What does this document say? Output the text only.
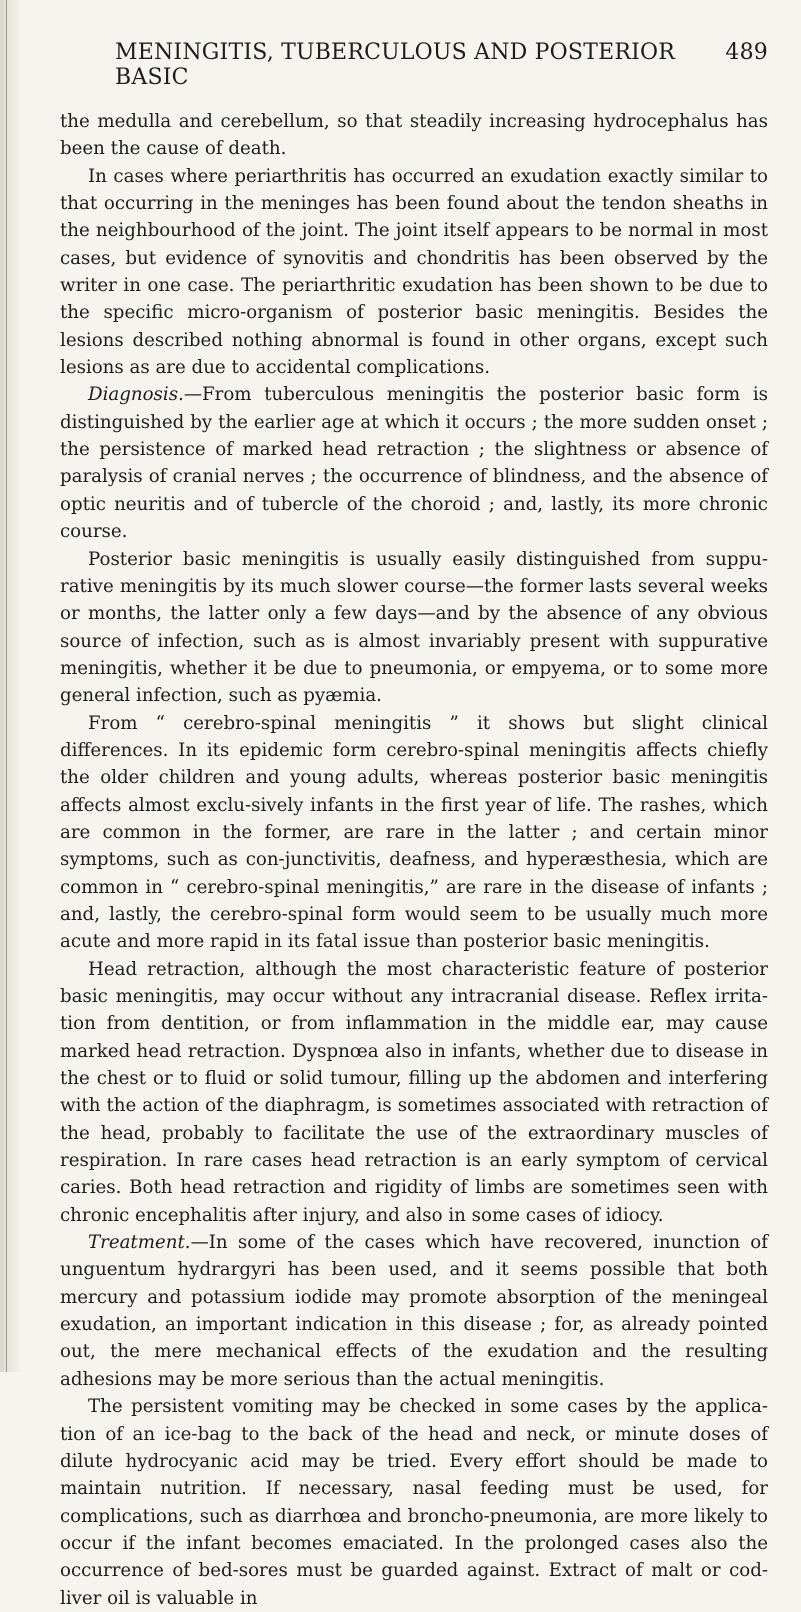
MENINGITIS, TUBERCULOUS AND POSTERIOR BASIC
489

the medulla and cerebellum, so that steadily increasing hydrocephalus has been the cause of death.

In cases where periarthritis has occurred an exudation exactly similar to that occurring in the meninges has been found about the tendon sheaths in the neighbourhood of the joint. The joint itself appears to be normal in most cases, but evidence of synovitis and chondritis has been observed by the writer in one case. The periarthritic exudation has been shown to be due to the specific micro-organism of posterior basic meningitis. Besides the lesions described nothing abnormal is found in other organs, except such lesions as are due to accidental complications.

Diagnosis.—From tuberculous meningitis the posterior basic form is distinguished by the earlier age at which it occurs ; the more sudden onset ; the persistence of marked head retraction ; the slightness or absence of paralysis of cranial nerves ; the occurrence of blindness, and the absence of optic neuritis and of tubercle of the choroid ; and, lastly, its more chronic course.

Posterior basic meningitis is usually easily distinguished from suppu-rative meningitis by its much slower course—the former lasts several weeks or months, the latter only a few days—and by the absence of any obvious source of infection, such as is almost invariably present with suppurative meningitis, whether it be due to pneumonia, or empyema, or to some more general infection, such as pyæmia.

From “ cerebro-spinal meningitis ” it shows but slight clinical differences. In its epidemic form cerebro-spinal meningitis affects chiefly the older children and young adults, whereas posterior basic meningitis affects almost exclu-sively infants in the first year of life. The rashes, which are common in the former, are rare in the latter ; and certain minor symptoms, such as con-junctivitis, deafness, and hyperæsthesia, which are common in “ cerebro-spinal meningitis,” are rare in the disease of infants ; and, lastly, the cerebro-spinal form would seem to be usually much more acute and more rapid in its fatal issue than posterior basic meningitis.

Head retraction, although the most characteristic feature of posterior basic meningitis, may occur without any intracranial disease. Reflex irrita-tion from dentition, or from inflammation in the middle ear, may cause marked head retraction. Dyspnœa also in infants, whether due to disease in the chest or to fluid or solid tumour, filling up the abdomen and interfering with the action of the diaphragm, is sometimes associated with retraction of the head, probably to facilitate the use of the extraordinary muscles of respiration. In rare cases head retraction is an early symptom of cervical caries. Both head retraction and rigidity of limbs are sometimes seen with chronic encephalitis after injury, and also in some cases of idiocy.

Treatment.—In some of the cases which have recovered, inunction of unguentum hydrargyri has been used, and it seems possible that both mercury and potassium iodide may promote absorption of the meningeal exudation, an important indication in this disease ; for, as already pointed out, the mere mechanical effects of the exudation and the resulting adhesions may be more serious than the actual meningitis.

The persistent vomiting may be checked in some cases by the applica-tion of an ice-bag to the back of the head and neck, or minute doses of dilute hydrocyanic acid may be tried. Every effort should be made to maintain nutrition. If necessary, nasal feeding must be used, for complications, such as diarrhœa and broncho-pneumonia, are more likely to occur if the infant becomes emaciated. In the prolonged cases also the occurrence of bed-sores must be guarded against. Extract of malt or cod-liver oil is valuable in
